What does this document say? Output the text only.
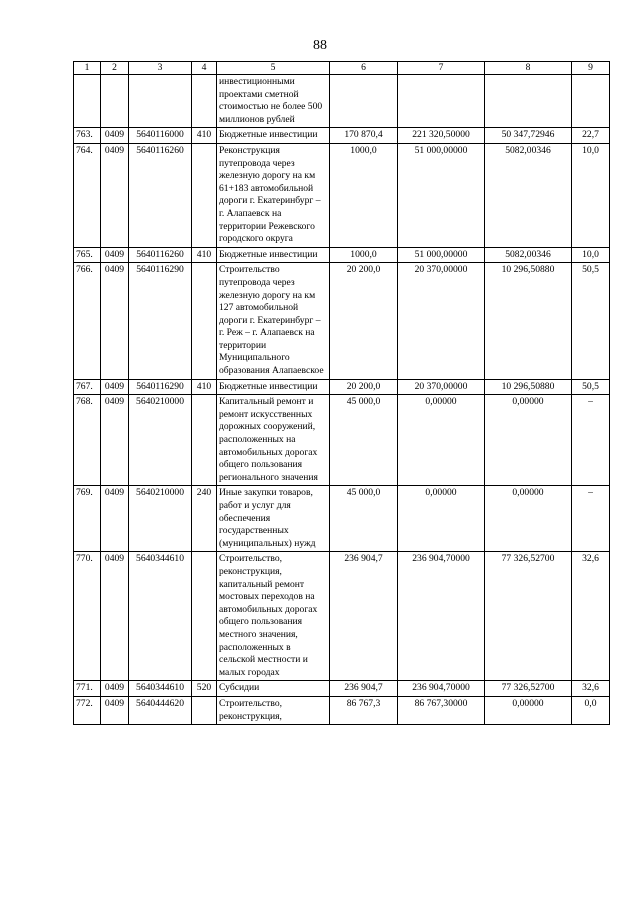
88
1	2	3	4	5	6	7	8	9
				инвестиционными проектами сметной стоимостью не более 500 миллионов рублей				
763.	0409	5640116000	410	Бюджетные инвестиции	170 870,4	221 320,50000	50 347,72946	22,7
764.	0409	5640116260		Реконструкция путепровода через железную дорогу на км 61+183 автомобильной дороги г. Екатеринбург – г. Алапаевск на территории Режевского городского округа	1000,0	51 000,00000	5082,00346	10,0
765.	0409	5640116260	410	Бюджетные инвестиции	1000,0	51 000,00000	5082,00346	10,0
766.	0409	5640116290		Строительство путепровода через железную дорогу на км 127 автомобильной дороги г. Екатеринбург – г. Реж – г. Алапаевск на территории Муниципального образования Алапаевское	20 200,0	20 370,00000	10 296,50880	50,5
767.	0409	5640116290	410	Бюджетные инвестиции	20 200,0	20 370,00000	10 296,50880	50,5
768.	0409	5640210000		Капитальный ремонт и ремонт искусственных дорожных сооружений, расположенных на автомобильных дорогах общего пользования регионального значения	45 000,0	0,00000	0,00000	–
769.	0409	5640210000	240	Иные закупки товаров, работ и услуг для обеспечения государственных (муниципальных) нужд	45 000,0	0,00000	0,00000	–
770.	0409	5640344610		Строительство, реконструкция, капитальный ремонт мостовых переходов на автомобильных дорогах общего пользования местного значения, расположенных в сельской местности и малых городах	236 904,7	236 904,70000	77 326,52700	32,6
771.	0409	5640344610	520	Субсидии	236 904,7	236 904,70000	77 326,52700	32,6
772.	0409	5640444620		Строительство, реконструкция,	86 767,3	86 767,30000	0,00000	0,0
